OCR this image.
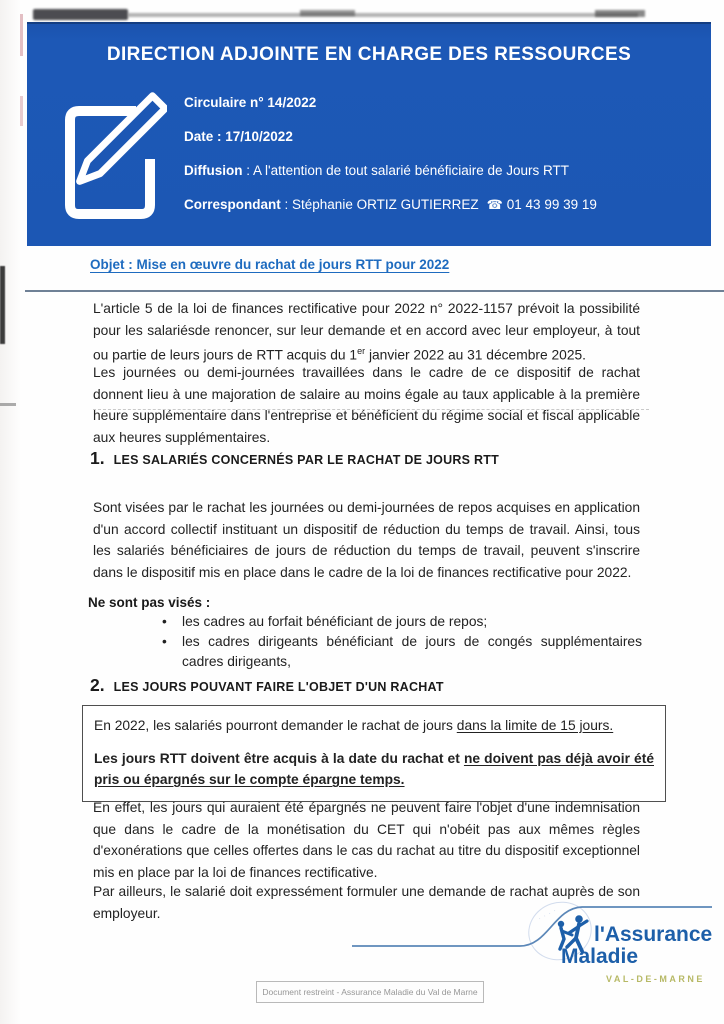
DIRECTION ADJOINTE EN CHARGE DES RESSOURCES
Circulaire n° 14/2022
Date : 17/10/2022
Diffusion : A l'attention de tout salarié bénéficiaire de Jours RTT
Correspondant : Stéphanie ORTIZ GUTIERREZ ☎ 01 43 99 39 19
Objet : Mise en œuvre du rachat de jours RTT pour 2022
L'article 5 de la loi de finances rectificative pour 2022 n° 2022-1157 prévoit la possibilité pour les salariésde renoncer, sur leur demande et en accord avec leur employeur, à tout ou partie de leurs jours de RTT acquis du 1er janvier 2022 au 31 décembre 2025.
Les journées ou demi-journées travaillées dans le cadre de ce dispositif de rachat donnent lieu à une majoration de salaire au moins égale au taux applicable à la première heure supplémentaire dans l'entreprise et bénéficient du régime social et fiscal applicable aux heures supplémentaires.
1. LES SALARIÉS CONCERNÉS PAR LE RACHAT DE JOURS RTT
Sont visées par le rachat les journées ou demi-journées de repos acquises en application d'un accord collectif instituant un dispositif de réduction du temps de travail. Ainsi, tous les salariés bénéficiaires de jours de réduction du temps de travail, peuvent s'inscrire dans le dispositif mis en place dans le cadre de la loi de finances rectificative pour 2022.
Ne sont pas visés :
• les cadres au forfait bénéficiant de jours de repos;
• les cadres dirigeants bénéficiant de jours de congés supplémentaires cadres dirigeants,
2. LES JOURS POUVANT FAIRE L'OBJET D'UN RACHAT
En 2022, les salariés pourront demander le rachat de jours dans la limite de 15 jours.
Les jours RTT doivent être acquis à la date du rachat et ne doivent pas déjà avoir été pris ou épargnés sur le compte épargne temps.
En effet, les jours qui auraient été épargnés ne peuvent faire l'objet d'une indemnisation que dans le cadre de la monétisation du CET qui n'obéit pas aux mêmes règles d'exonérations que celles offertes dans le cas du rachat au titre du dispositif exceptionnel mis en place par la loi de finances rectificative.
Par ailleurs, le salarié doit expressément formuler une demande de rachat auprès de son employeur.	· · · ·
l'Assurance
Maladie
VAL-DE-MARNE
Document restreint - Assurance Maladie du Val de Marne
